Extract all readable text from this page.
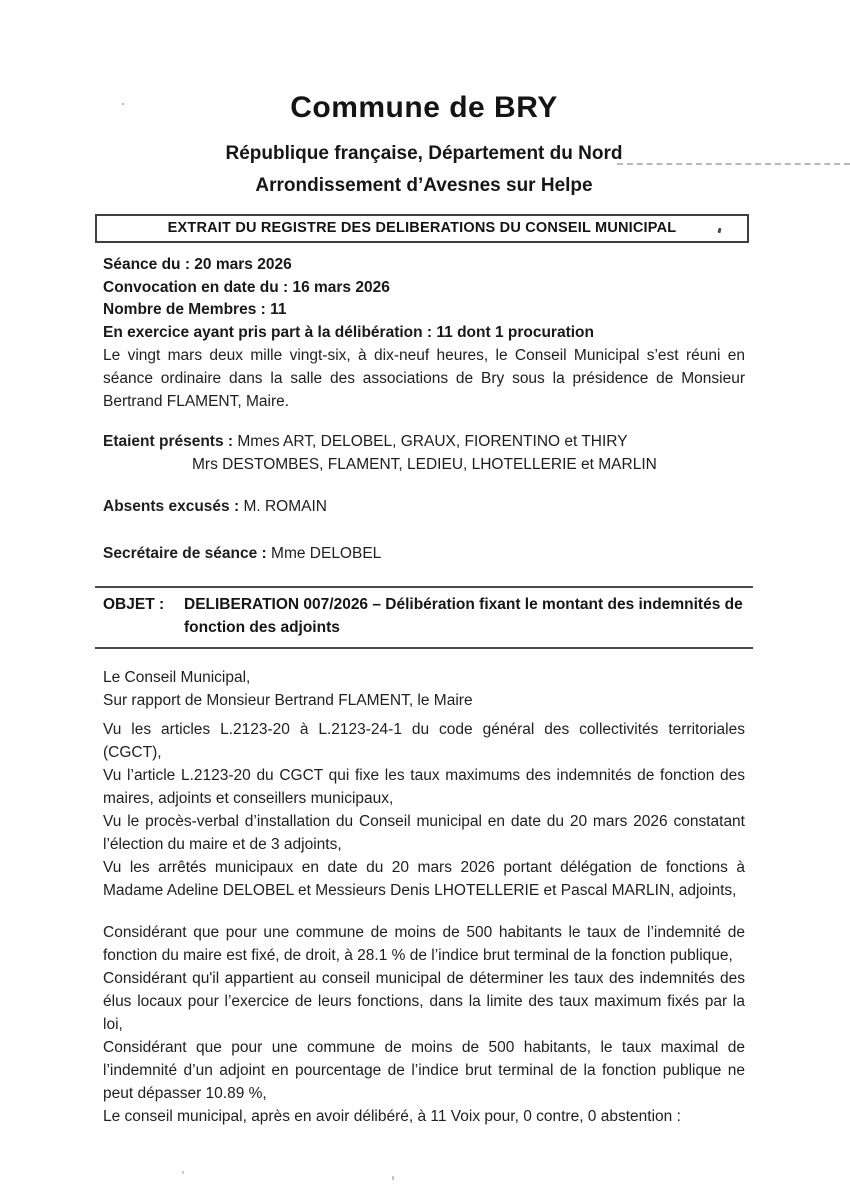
Commune de BRY
République française, Département du Nord
Arrondissement d’Avesnes sur Helpe
EXTRAIT DU REGISTRE DES DELIBERATIONS DU CONSEIL MUNICIPAL
Séance du : 20 mars 2026
Convocation en date du : 16 mars 2026
Nombre de Membres : 11
En exercice ayant pris part à la délibération : 11 dont 1 procuration

Le vingt mars deux mille vingt-six, à dix-neuf heures, le Conseil Municipal s’est réuni en séance ordinaire dans la salle des associations de Bry sous la présidence de Monsieur Bertrand FLAMENT, Maire.

Etaient présents : Mmes ART, DELOBEL, GRAUX, FIORENTINO et THIRY
Mrs DESTOMBES, FLAMENT, LEDIEU, LHOTELLERIE et MARLIN
Absents excusés : M. ROMAIN
Secrétaire de séance : Mme DELOBEL
OBJET :	DELIBERATION 007/2026 – Délibération fixant le montant des indemnités de fonction des adjoints

Le Conseil Municipal,

Sur rapport de Monsieur Bertrand FLAMENT, le Maire

Vu les articles L.2123-20 à L.2123-24-1 du code général des collectivités territoriales (CGCT),

Vu l’article L.2123-20 du CGCT qui fixe les taux maximums des indemnités de fonction des maires, adjoints et conseillers municipaux,

Vu le procès-verbal d’installation du Conseil municipal en date du 20 mars 2026 constatant l’élection du maire et de 3 adjoints,

Vu les arrêtés municipaux en date du 20 mars 2026 portant délégation de fonctions à Madame Adeline DELOBEL et Messieurs Denis LHOTELLERIE et Pascal MARLIN, adjoints,

Considérant que pour une commune de moins de 500 habitants le taux de l’indemnité de fonction du maire est fixé, de droit, à 28.1 % de l’indice brut terminal de la fonction publique,

Considérant qu'il appartient au conseil municipal de déterminer les taux des indemnités des élus locaux pour l’exercice de leurs fonctions, dans la limite des taux maximum fixés par la loi,

Considérant que pour une commune de moins de 500 habitants, le taux maximal de l’indemnité d’un adjoint en pourcentage de l’indice brut terminal de la fonction publique ne peut dépasser 10.89 %,

Le conseil municipal, après en avoir délibéré, à 11 Voix pour, 0 contre, 0 abstention :
